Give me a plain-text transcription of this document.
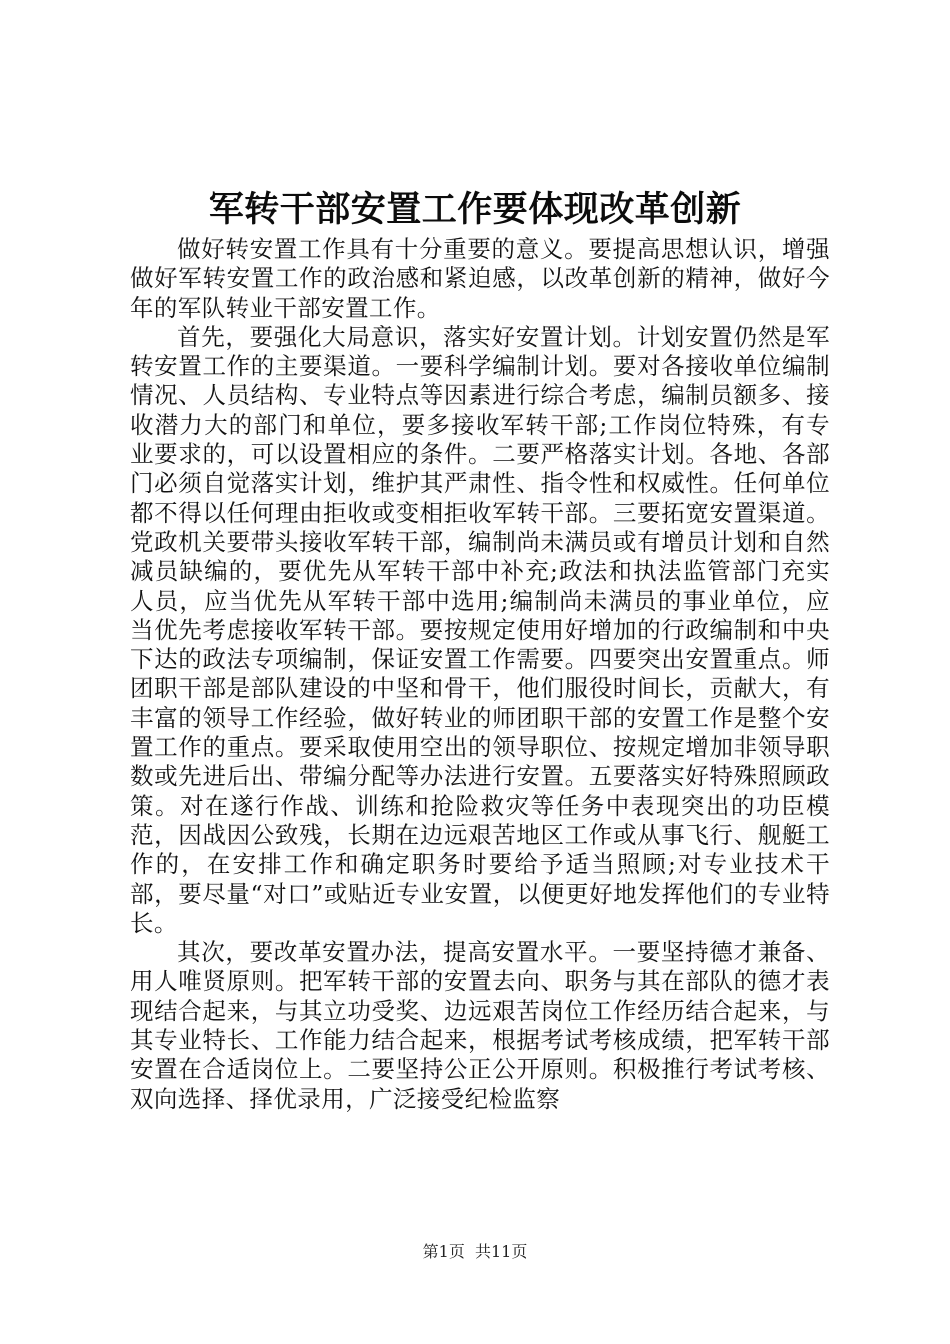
军转干部安置工作要体现改革创新

做好转安置工作具有十分重要的意义。要提高思想认识，增强做好军转安置工作的政治感和紧迫感，以改革创新的精神，做好今年的军队转业干部安置工作。

首先，要强化大局意识，落实好安置计划。计划安置仍然是军转安置工作的主要渠道。一要科学编制计划。要对各接收单位编制情况、人员结构、专业特点等因素进行综合考虑，编制员额多、接收潜力大的部门和单位，要多接收军转干部;工作岗位特殊，有专业要求的，可以设置相应的条件。二要严格落实计划。各地、各部门必须自觉落实计划，维护其严肃性、指令性和权威性。任何单位都不得以任何理由拒收或变相拒收军转干部。三要拓宽安置渠道。党政机关要带头接收军转干部，编制尚未满员或有增员计划和自然减员缺编的，要优先从军转干部中补充;政法和执法监管部门充实人员，应当优先从军转干部中选用;编制尚未满员的事业单位，应当优先考虑接收军转干部。要按规定使用好增加的行政编制和中央下达的政法专项编制，保证安置工作需要。四要突出安置重点。师团职干部是部队建设的中坚和骨干，他们服役时间长，贡献大，有丰富的领导工作经验，做好转业的师团职干部的安置工作是整个安置工作的重点。要采取使用空出的领导职位、按规定增加非领导职数或先进后出、带编分配等办法进行安置。五要落实好特殊照顾政策。对在遂行作战、训练和抢险救灾等任务中表现突出的功臣模范，因战因公致残，长期在边远艰苦地区工作或从事飞行、舰艇工作的，在安排工作和确定职务时要给予适当照顾;对专业技术干部，要尽量“对口”或贴近专业安置，以便更好地发挥他们的专业特长。

其次，要改革安置办法，提高安置水平。一要坚持德才兼备、用人唯贤原则。把军转干部的安置去向、职务与其在部队的德才表现结合起来，与其立功受奖、边远艰苦岗位工作经历结合起来，与其专业特长、工作能力结合起来，根据考试考核成绩，把军转干部安置在合适岗位上。二要坚持公正公开原则。积极推行考试考核、双向选择、择优录用，广泛接受纪检监察

第1页  共11页
